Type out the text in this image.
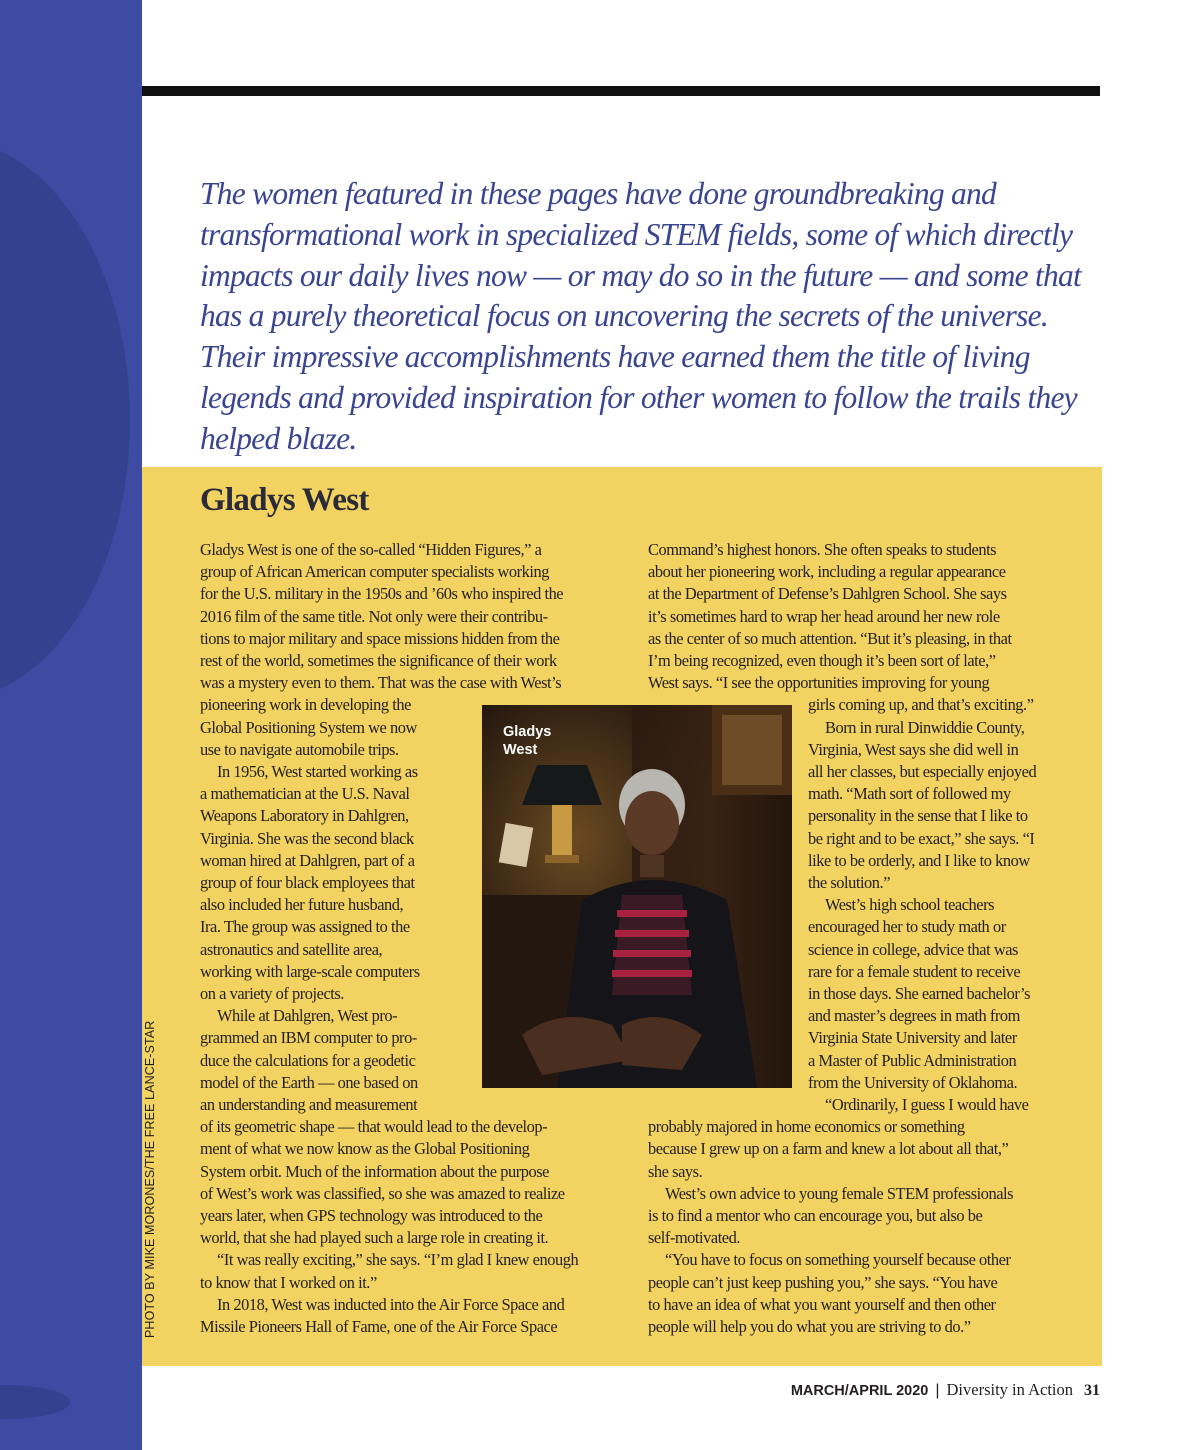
The women featured in these pages have done groundbreaking and transformational work in specialized STEM fields, some of which directly impacts our daily lives now — or may do so in the future — and some that has a purely theoretical focus on uncovering the secrets of the universe. Their impressive accomplishments have earned them the title of living legends and provided inspiration for other women to follow the trails they helped blaze.

PHOTO BY MIKE MORONES/THE FREE LANCE-STAR
Gladys West
Gladys West is one of the so-called “Hidden Figures,” a
group of African American computer specialists working
for the U.S. military in the 1950s and ’60s who inspired the
2016 film of the same title. Not only were their contribu-
tions to major military and space missions hidden from the
rest of the world, sometimes the significance of their work
was a mystery even to them. That was the case with West’s
pioneering work in developing the
Global Positioning System we now
use to navigate automobile trips.
In 1956, West started working as
a mathematician at the U.S. Naval
Weapons Laboratory in Dahlgren,
Virginia. She was the second black
woman hired at Dahlgren, part of a
group of four black employees that
also included her future husband,
Ira. The group was assigned to the
astronautics and satellite area,
working with large-scale computers
on a variety of projects.
While at Dahlgren, West pro-
grammed an IBM computer to pro-
duce the calculations for a geodetic
model of the Earth — one based on
an understanding and measurement
of its geometric shape — that would lead to the develop-
ment of what we now know as the Global Positioning
System orbit. Much of the information about the purpose
of West’s work was classified, so she was amazed to realize
years later, when GPS technology was introduced to the
world, that she had played such a large role in creating it.
“It was really exciting,” she says. “I’m glad I knew enough
to know that I worked on it.”
In 2018, West was inducted into the Air Force Space and
Missile Pioneers Hall of Fame, one of the Air Force Space
Command’s highest honors. She often speaks to students
about her pioneering work, including a regular appearance
at the Department of Defense’s Dahlgren School. She says
it’s sometimes hard to wrap her head around her new role
as the center of so much attention. “But it’s pleasing, in that
I’m being recognized, even though it’s been sort of late,”
West says. “I see the opportunities improving for young
girls coming up, and that’s exciting.”
Born in rural Dinwiddie County,
Virginia, West says she did well in
all her classes, but especially enjoyed
math. “Math sort of followed my
personality in the sense that I like to
be right and to be exact,” she says. “I
like to be orderly, and I like to know
the solution.”
West’s high school teachers
encouraged her to study math or
science in college, advice that was
rare for a female student to receive
in those days. She earned bachelor’s
and master’s degrees in math from
Virginia State University and later
a Master of Public Administration
from the University of Oklahoma.
“Ordinarily, I guess I would have
probably majored in home economics or something
because I grew up on a farm and knew a lot about all that,”
she says.
West’s own advice to young female STEM professionals
is to find a mentor who can encourage you, but also be
self-motivated.
“You have to focus on something yourself because other
people can’t just keep pushing you,” she says. “You have
to have an idea of what you want yourself and then other
people will help you do what you are striving to do.”
Gladys
West
MARCH/APRIL 2020 | Diversity in Action 31
